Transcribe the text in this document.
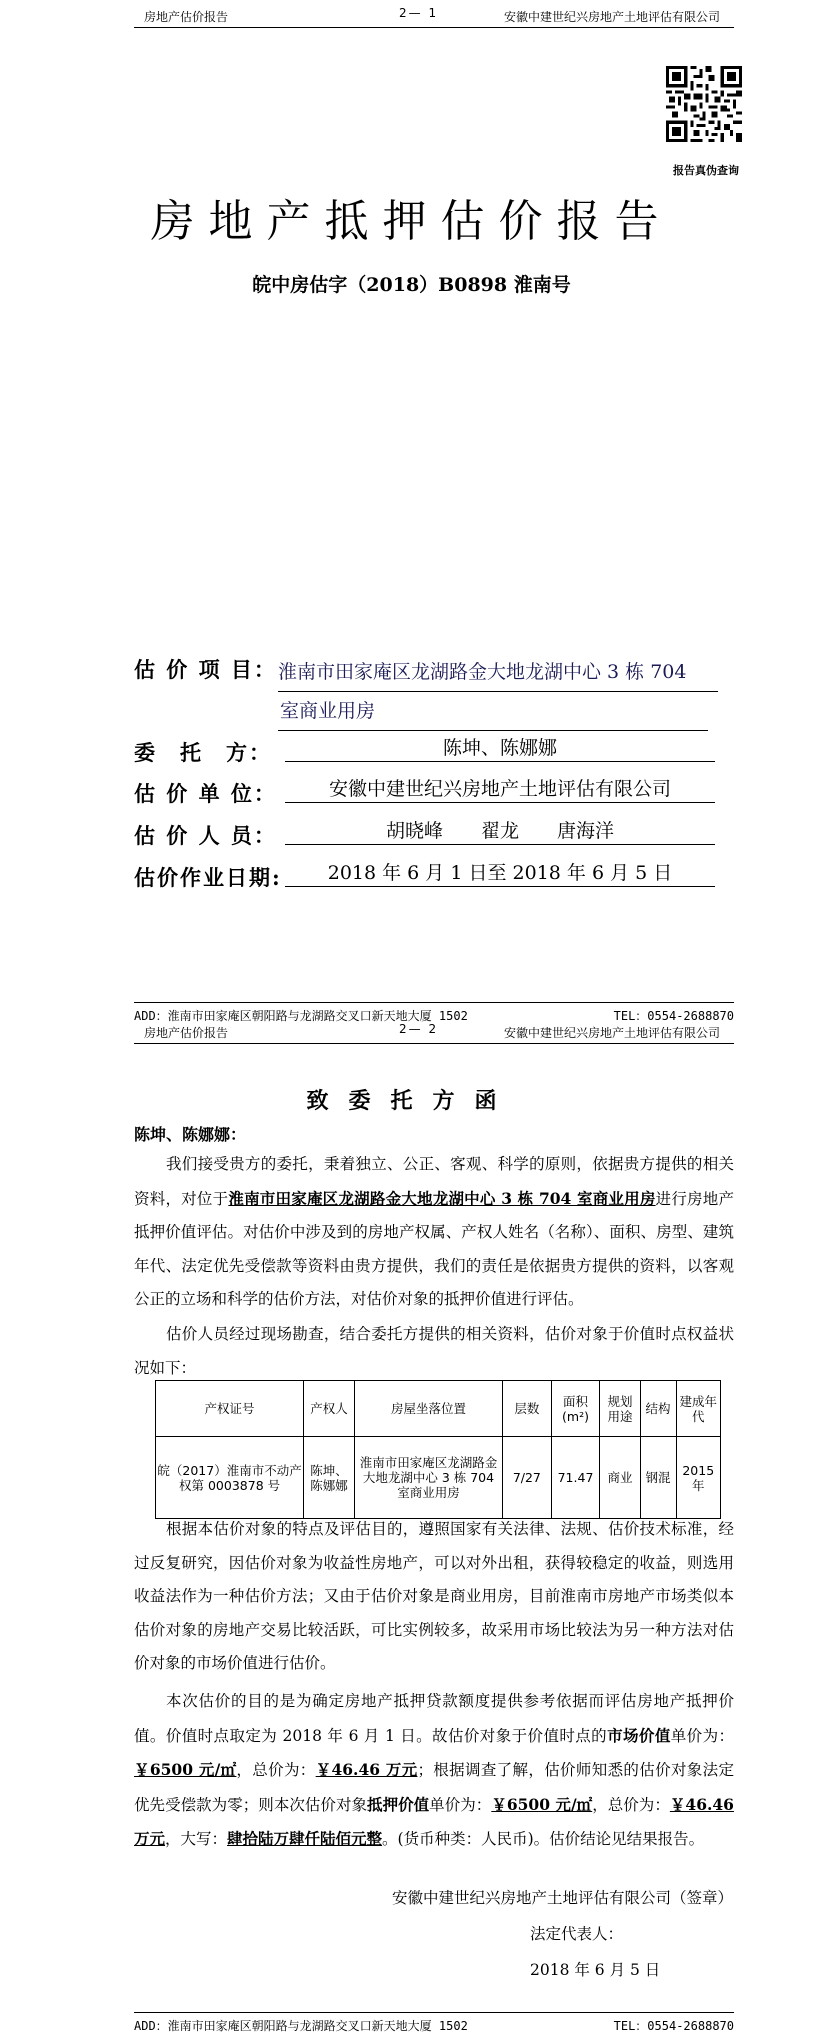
房地产估价报告	2— 1	安徽中建世纪兴房地产土地评估有限公司
报告真伪查询
房地产抵押估价报告
皖中房估字（2018）B0898 淮南号
估 价 项 目： 淮南市田家庵区龙湖路金大地龙湖中心 3 栋 704
室商业用房
委　托　方：	陈坤、陈娜娜
估 价 单 位：	安徽中建世纪兴房地产土地评估有限公司
估 价 人 员：	胡晓峰　　翟龙　　唐海洋
估价作业日期:	2018 年 6 月 1 日至 2018 年 6 月 5 日
ADD：淮南市田家庵区朝阳路与龙湖路交叉口新天地大厦 1502	TEL：0554-2688870
房地产估价报告	2— 2	安徽中建世纪兴房地产土地评估有限公司
致委托方函
陈坤、陈娜娜：
我们接受贵方的委托，秉着独立、公正、客观、科学的原则，依据贵方提供的相关资料，对位于淮南市田家庵区龙湖路金大地龙湖中心 3 栋 704 室商业用房进行房地产抵押价值评估。对估价中涉及到的房地产权属、产权人姓名（名称）、面积、房型、建筑年代、法定优先受偿款等资料由贵方提供，我们的责任是依据贵方提供的资料，以客观公正的立场和科学的估价方法，对估价对象的抵押价值进行评估。
估价人员经过现场勘查，结合委托方提供的相关资料，估价对象于价值时点权益状况如下：
产权证号	产权人	房屋坐落位置	层数	面积 (m²)	规划用途	结构	建成年代
皖（2017）淮南市不动产权第 0003878 号	陈坤、陈娜娜	淮南市田家庵区龙湖路金大地龙湖中心 3 栋 704 室商业用房	7/27	71.47	商业	钢混	2015 年
根据本估价对象的特点及评估目的，遵照国家有关法律、法规、估价技术标准，经过反复研究，因估价对象为收益性房地产，可以对外出租，获得较稳定的收益，则选用收益法作为一种估价方法；又由于估价对象是商业用房，目前淮南市房地产市场类似本估价对象的房地产交易比较活跃，可比实例较多，故采用市场比较法为另一种方法对估价对象的市场价值进行估价。
本次估价的目的是为确定房地产抵押贷款额度提供参考依据而评估房地产抵押价值。价值时点取定为 2018 年 6 月 1 日。故估价对象于价值时点的市场价值单价为：￥6500 元/㎡，总价为：￥46.46 万元；根据调查了解，估价师知悉的估价对象法定优先受偿款为零；则本次估价对象抵押价值单价为：￥6500 元/㎡，总价为：￥46.46 万元，大写：肆拾陆万肆仟陆佰元整。(货币种类：人民币)。估价结论见结果报告。
安徽中建世纪兴房地产土地评估有限公司（签章）
法定代表人：
2018 年 6 月 5 日
ADD：淮南市田家庵区朝阳路与龙湖路交叉口新天地大厦 1502	TEL：0554-2688870
